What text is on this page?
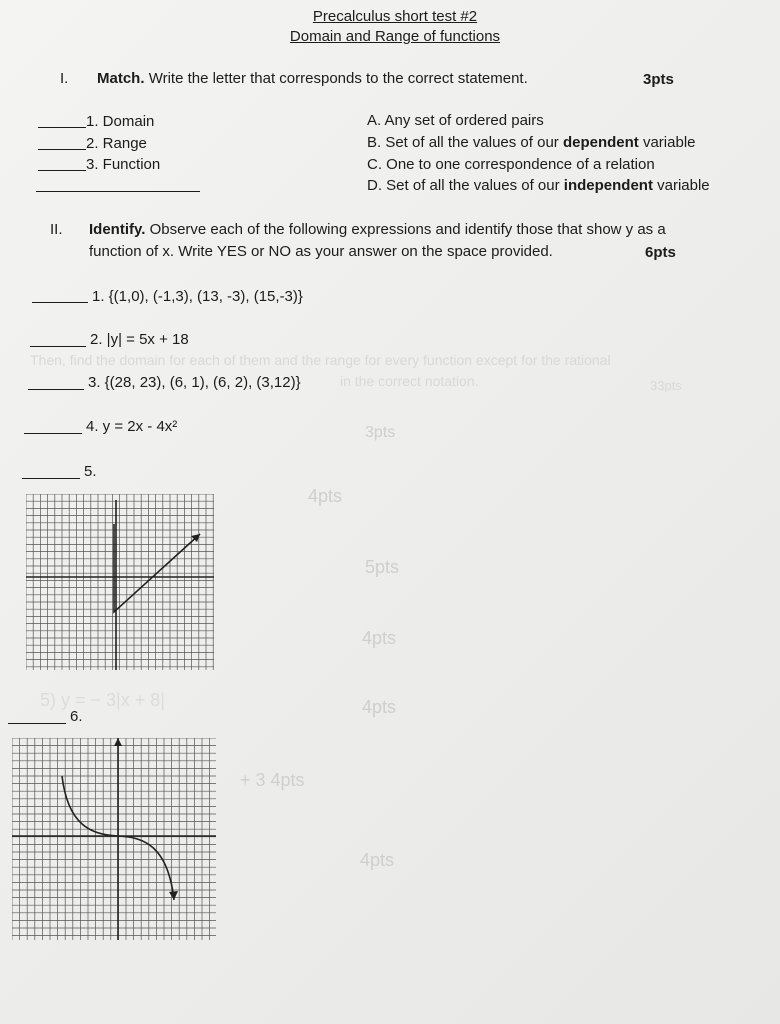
Then, find the domain for each of them and the range for every function except for the rational
in the correct notation.	33pts
3pts
4pts
5pts
4pts
4pts
+ 3 4pts
4pts
5) y = − 3|x + 8|
Precalculus short test #2
Domain and Range of functions
I. Match. Write the letter that corresponds to the correct statement.	3pts
1. Domain
2. Range
3. Function
A. Any set of ordered pairs
B. Set of all the values of our dependent variable
C. One to one correspondence of a relation
D. Set of all the values of our independent variable
II. Identify. Observe each of the following expressions and identify those that show y as a
function of x. Write YES or NO as your answer on the space provided.	6pts
1. {(1,0), (-1,3), (13, -3), (15,-3)}
2. |y| = 5x + 18
3. {(28, 23), (6, 1), (6, 2), (3,12)}
4. y = 2x - 4x²
5.
6.
